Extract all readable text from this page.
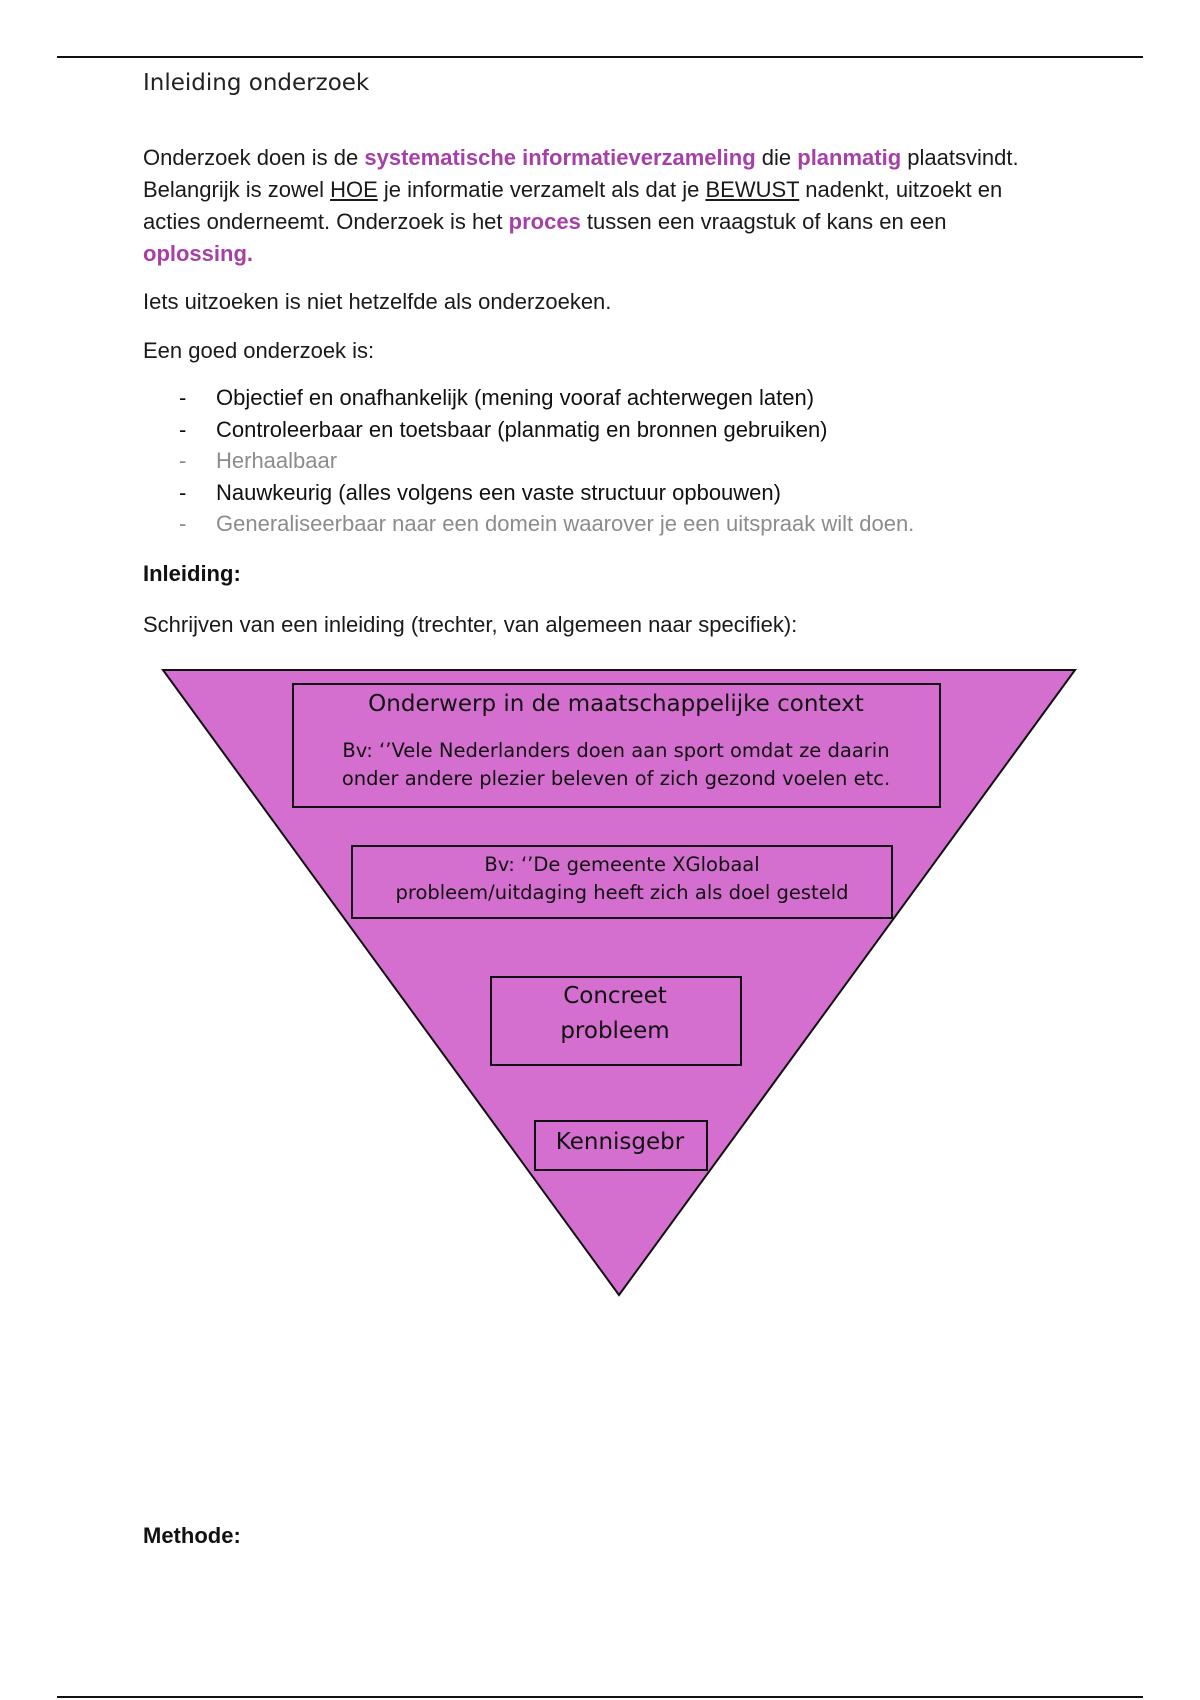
Inleiding onderzoek

Onderzoek doen is de systematische informatieverzameling die planmatig plaatsvindt. Belangrijk is zowel HOE je informatie verzamelt als dat je BEWUST nadenkt, uitzoekt en acties onderneemt. Onderzoek is het proces tussen een vraagstuk of kans en een oplossing.

Iets uitzoeken is niet hetzelfde als onderzoeken.

Een goed onderzoek is:

- Objectief en onafhankelijk (mening vooraf achterwegen laten)
- Controleerbaar en toetsbaar (planmatig en bronnen gebruiken)
- Herhaalbaar
- Nauwkeurig (alles volgens een vaste structuur opbouwen)
- Generaliseerbaar naar een domein waarover je een uitspraak wilt doen.
Inleiding:

Schrijven van een inleiding (trechter, van algemeen naar specifiek):

Onderwerp in de maatschappelijke context
Bv: ‘’Vele Nederlanders doen aan sport omdat ze daarin
onder andere plezier beleven of zich gezond voelen etc.
Bv: ‘’De gemeente XGlobaal
probleem/uitdaging heeft zich als doel gesteld
Concreet
probleem
Kennisgebr
Methode:
